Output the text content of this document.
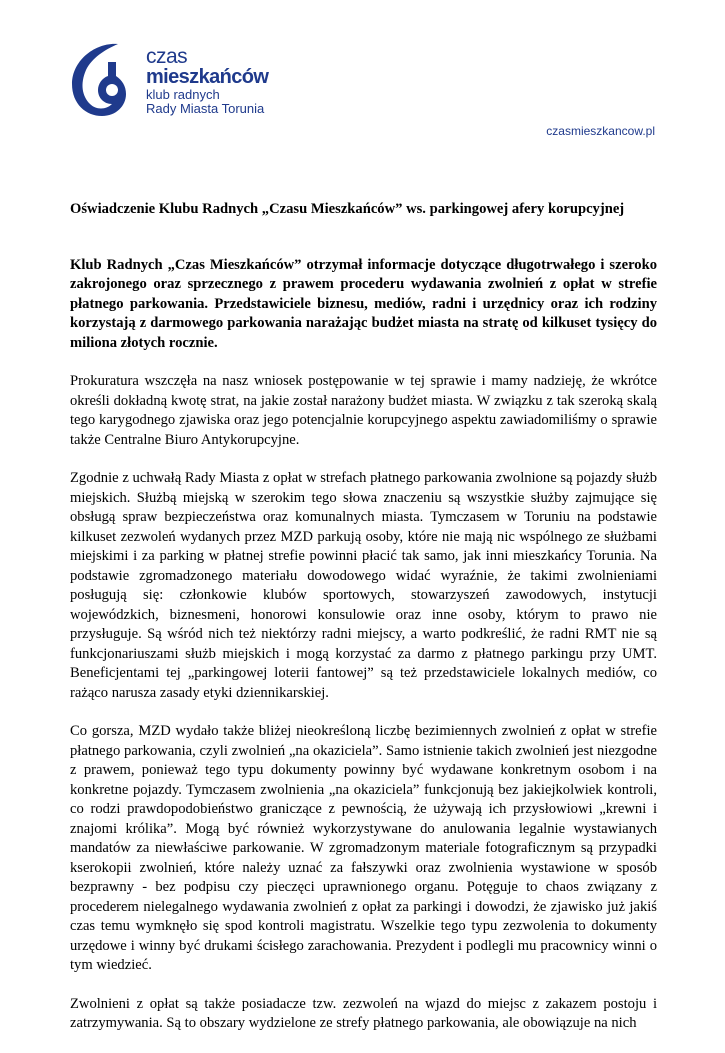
czas
mieszkańców
klub radnych
Rady Miasta Torunia
czasmieszkancow.pl

Oświadczenie Klubu Radnych „Czasu Mieszkańców” ws. parkingowej afery korupcyjnej

Klub Radnych „Czas Mieszkańców” otrzymał informacje dotyczące długotrwałego i szeroko zakrojonego oraz sprzecznego z prawem procederu wydawania zwolnień z opłat w strefie płatnego parkowania. Przedstawiciele biznesu, mediów, radni i urzędnicy oraz ich rodziny korzystają z darmowego parkowania narażając budżet miasta na stratę od kilkuset tysięcy do miliona złotych rocznie.

Prokuratura wszczęła na nasz wniosek postępowanie w tej sprawie i mamy nadzieję, że wkrótce określi dokładną kwotę strat, na jakie został narażony budżet miasta. W związku z tak szeroką skalą tego karygodnego zjawiska oraz jego potencjalnie korupcyjnego aspektu zawiadomiliśmy o sprawie także Centralne Biuro Antykorupcyjne.

Zgodnie z uchwałą Rady Miasta z opłat w strefach płatnego parkowania zwolnione są pojazdy służb miejskich. Służbą miejską w szerokim tego słowa znaczeniu są wszystkie służby zajmujące się obsługą spraw bezpieczeństwa oraz komunalnych miasta. Tymczasem w Toruniu na podstawie kilkuset zezwoleń wydanych przez MZD parkują osoby, które nie mają nic wspólnego ze służbami miejskimi i za parking w płatnej strefie powinni płacić tak samo, jak inni mieszkańcy Torunia. Na podstawie zgromadzonego materiału dowodowego widać wyraźnie, że takimi zwolnieniami posługują się: członkowie klubów sportowych, stowarzyszeń zawodowych, instytucji wojewódzkich, biznesmeni, honorowi konsulowie oraz inne osoby, którym to prawo nie przysługuje. Są wśród nich też niektórzy radni miejscy, a warto podkreślić, że radni RMT nie są funkcjonariuszami służb miejskich i mogą korzystać za darmo z płatnego parkingu przy UMT. Beneficjentami tej „parkingowej loterii fantowej” są też przedstawiciele lokalnych mediów, co rażąco narusza zasady etyki dziennikarskiej.

Co gorsza, MZD wydało także bliżej nieokreśloną liczbę bezimiennych zwolnień z opłat w strefie płatnego parkowania, czyli zwolnień „na okaziciela”. Samo istnienie takich zwolnień jest niezgodne z prawem, ponieważ tego typu dokumenty powinny być wydawane konkretnym osobom i na konkretne pojazdy. Tymczasem zwolnienia „na okaziciela” funkcjonują bez jakiejkolwiek kontroli, co rodzi prawdopodobieństwo graniczące z pewnością, że używają ich przysłowiowi „krewni i znajomi królika”. Mogą być również wykorzystywane do anulowania legalnie wystawianych mandatów za niewłaściwe parkowanie. W zgromadzonym materiale fotograficznym są przypadki kserokopii zwolnień, które należy uznać za fałszywki oraz zwolnienia wystawione w sposób bezprawny - bez podpisu czy pieczęci uprawnionego organu. Potęguje to chaos związany z procederem nielegalnego wydawania zwolnień z opłat za parkingi i dowodzi, że zjawisko już jakiś czas temu wymknęło się spod kontroli magistratu. Wszelkie tego typu zezwolenia to dokumenty urzędowe i winny być drukami ścisłego zarachowania. Prezydent i podlegli mu pracownicy winni o tym wiedzieć.

Zwolnieni z opłat są także posiadacze tzw. zezwoleń na wjazd do miejsc z zakazem postoju i zatrzymywania. Są to obszary wydzielone ze strefy płatnego parkowania, ale obowiązuje na nich
